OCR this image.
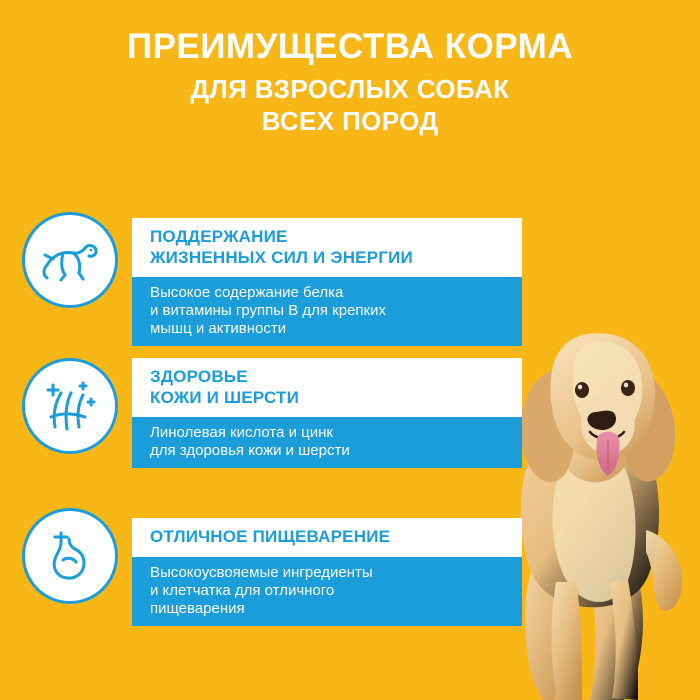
ПРЕИМУЩЕСТВА КОРМА
ДЛЯ ВЗРОСЛЫХ СОБАК
ВСЕХ ПОРОД
ПОДДЕРЖАНИЕ
ЖИЗНЕННЫХ СИЛ И ЭНЕРГИИ
Высокое содержание белка
и витамины группы В для крепких
мышц и активности
ЗДОРОВЬЕ
КОЖИ И ШЕРСТИ
Линолевая кислота и цинк
для здоровья кожи и шерсти
ОТЛИЧНОЕ ПИЩЕВАРЕНИЕ
Высокоусвояемые ингредиенты
и клетчатка для отличного
пищеварения
